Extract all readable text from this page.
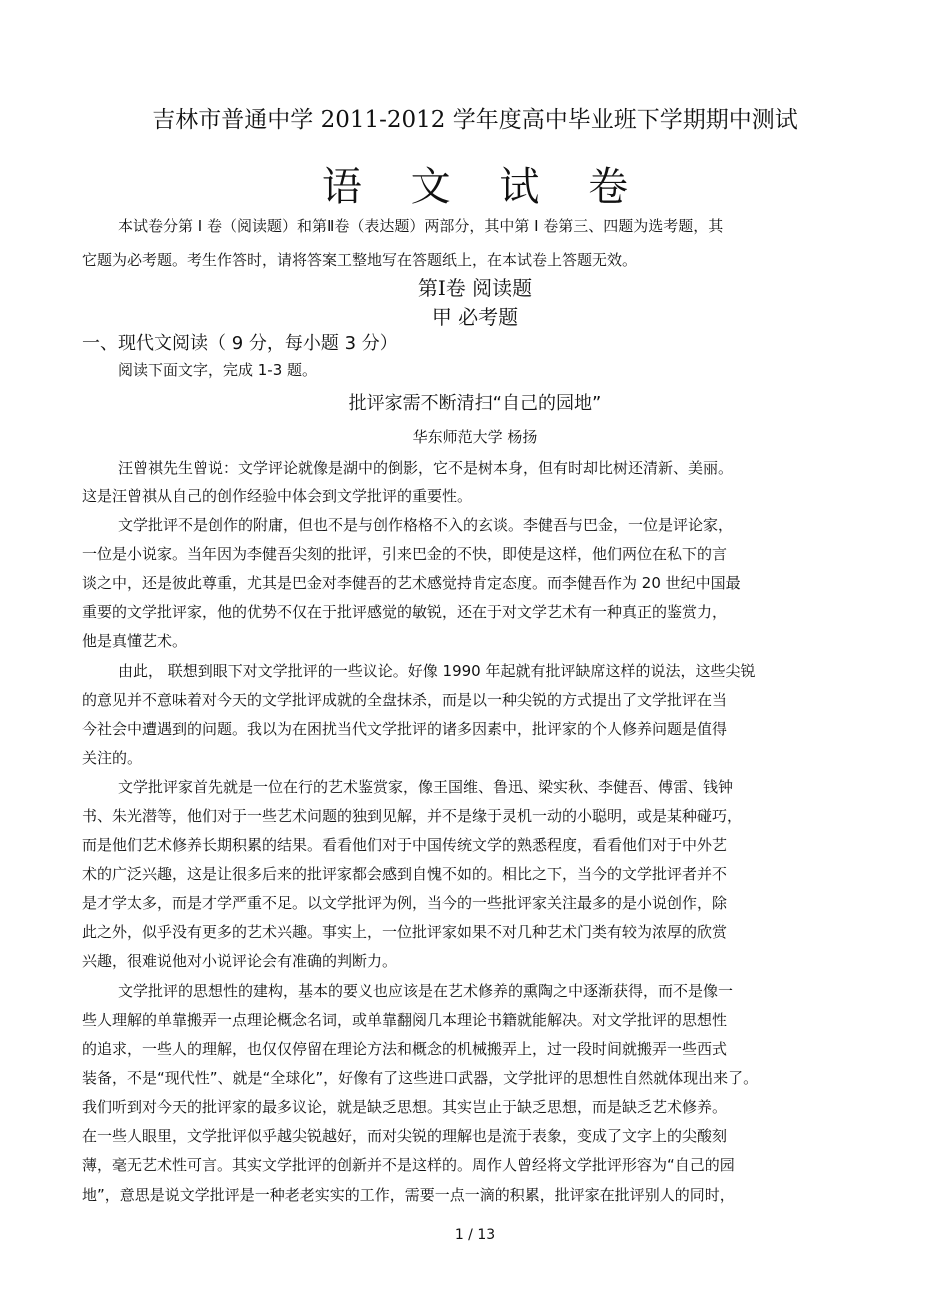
吉林市普通中学 2011-2012 学年度高中毕业班下学期期中测试
语 文 试 卷
本试卷分第 Ⅰ 卷（阅读题）和第Ⅱ卷（表达题）两部分，其中第 Ⅰ 卷第三、四题为选考题，其
它题为必考题。考生作答时，请将答案工整地写在答题纸上，在本试卷上答题无效。
第Ⅰ卷 阅读题
甲 必考题
一、现代文阅读（ 9 分，每小题 3 分）
阅读下面文字，完成 1-3 题。
批评家需不断清扫“自己的园地”
华东师范大学 杨扬
汪曾祺先生曾说：文学评论就像是湖中的倒影，它不是树本身，但有时却比树还清新、美丽。
这是汪曾祺从自己的创作经验中体会到文学批评的重要性。
文学批评不是创作的附庸，但也不是与创作格格不入的玄谈。李健吾与巴金，一位是评论家，
一位是小说家。当年因为李健吾尖刻的批评，引来巴金的不快，即使是这样，他们两位在私下的言
谈之中，还是彼此尊重，尤其是巴金对李健吾的艺术感觉持肯定态度。而李健吾作为 20 世纪中国最
重要的文学批评家，他的优势不仅在于批评感觉的敏锐，还在于对文学艺术有一种真正的鉴赏力，
他是真懂艺术。
由此， 联想到眼下对文学批评的一些议论。好像 1990 年起就有批评缺席这样的说法，这些尖锐
的意见并不意味着对今天的文学批评成就的全盘抹杀，而是以一种尖锐的方式提出了文学批评在当
今社会中遭遇到的问题。我以为在困扰当代文学批评的诸多因素中，批评家的个人修养问题是值得
关注的。
文学批评家首先就是一位在行的艺术鉴赏家，像王国维、鲁迅、梁实秋、李健吾、傅雷、钱钟
书、朱光潜等，他们对于一些艺术问题的独到见解，并不是缘于灵机一动的小聪明，或是某种碰巧，
而是他们艺术修养长期积累的结果。看看他们对于中国传统文学的熟悉程度，看看他们对于中外艺
术的广泛兴趣，这是让很多后来的批评家都会感到自愧不如的。相比之下，当今的文学批评者并不
是才学太多，而是才学严重不足。以文学批评为例，当今的一些批评家关注最多的是小说创作，除
此之外，似乎没有更多的艺术兴趣。事实上，一位批评家如果不对几种艺术门类有较为浓厚的欣赏
兴趣，很难说他对小说评论会有准确的判断力。
文学批评的思想性的建构，基本的要义也应该是在艺术修养的熏陶之中逐渐获得，而不是像一
些人理解的单靠搬弄一点理论概念名词，或单靠翻阅几本理论书籍就能解决。对文学批评的思想性
的追求，一些人的理解，也仅仅停留在理论方法和概念的机械搬弄上，过一段时间就搬弄一些西式
装备，不是“现代性”、就是“全球化”，好像有了这些进口武器，文学批评的思想性自然就体现出来了。
我们听到对今天的批评家的最多议论，就是缺乏思想。其实岂止于缺乏思想，而是缺乏艺术修养。
在一些人眼里，文学批评似乎越尖锐越好，而对尖锐的理解也是流于表象，变成了文字上的尖酸刻
薄，毫无艺术性可言。其实文学批评的创新并不是这样的。周作人曾经将文学批评形容为“自己的园
地”，意思是说文学批评是一种老老实实的工作，需要一点一滴的积累，批评家在批评别人的同时，
1 / 13
